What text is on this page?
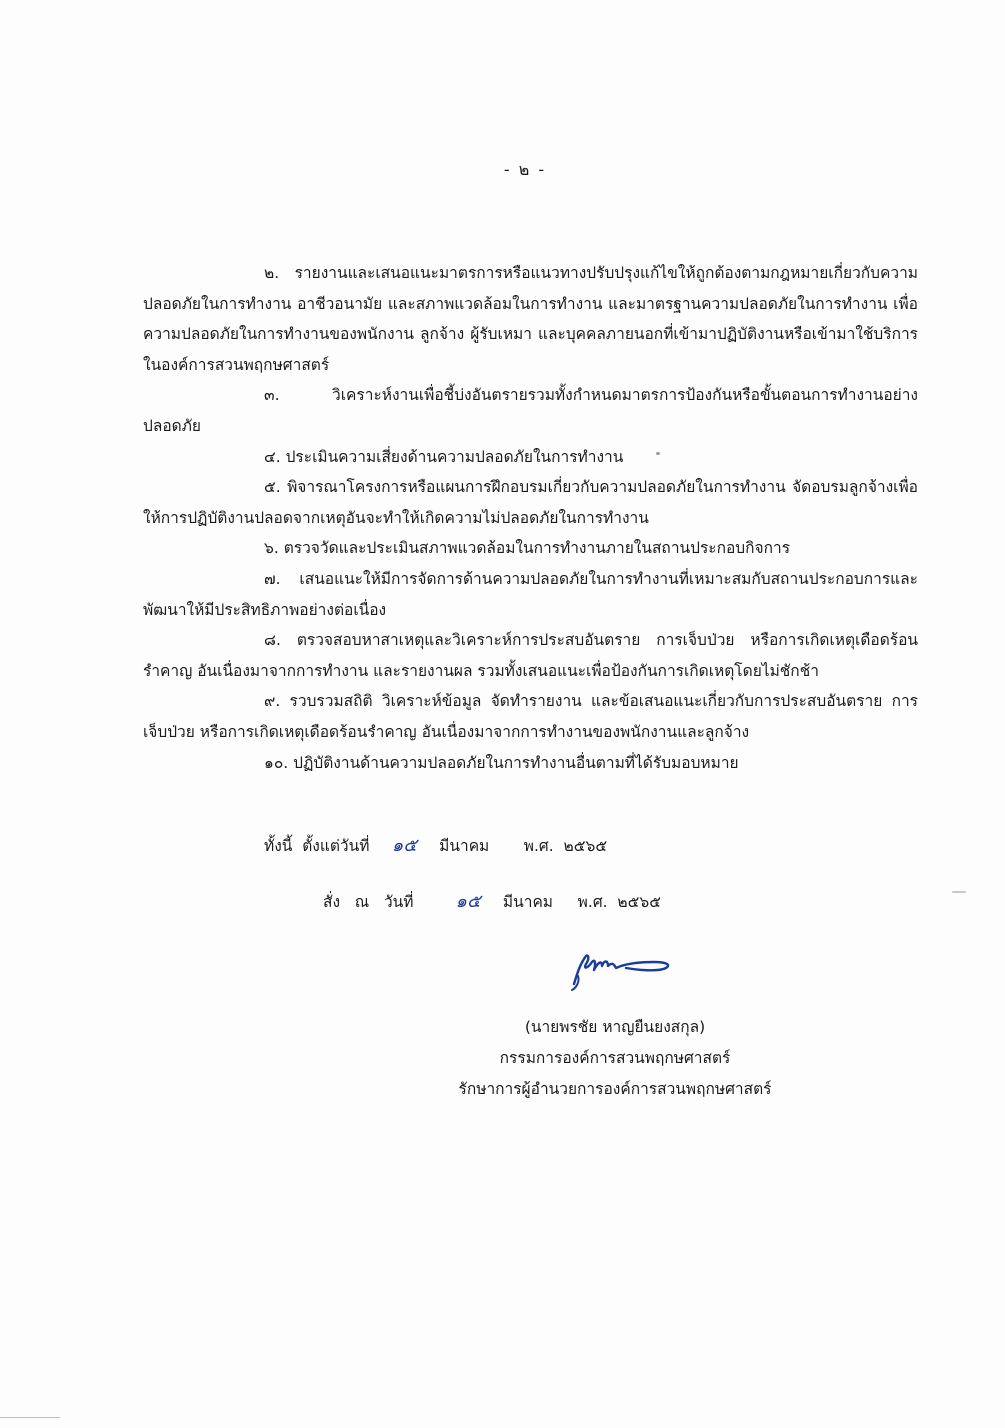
- ๒ -

๒. รายงานและเสนอแนะมาตรการหรือแนวทางปรับปรุงแก้ไขให้ถูกต้องตามกฎหมายเกี่ยวกับความปลอดภัยในการทำงาน อาชีวอนามัย และสภาพแวดล้อมในการทำงาน และมาตรฐานความปลอดภัยในการทำงาน เพื่อความปลอดภัยในการทำงานของพนักงาน ลูกจ้าง ผู้รับเหมา และบุคคลภายนอกที่เข้ามาปฏิบัติงานหรือเข้ามาใช้บริการในองค์การสวนพฤกษศาสตร์

๓. วิเคราะห์งานเพื่อชี้บ่งอันตรายรวมทั้งกำหนดมาตรการป้องกันหรือขั้นตอนการทำงานอย่างปลอดภัย

๔. ประเมินความเสี่ยงด้านความปลอดภัยในการทำงาน

๕. พิจารณาโครงการหรือแผนการฝึกอบรมเกี่ยวกับความปลอดภัยในการทำงาน จัดอบรมลูกจ้างเพื่อให้การปฏิบัติงานปลอดจากเหตุอันจะทำให้เกิดความไม่ปลอดภัยในการทำงาน

๖. ตรวจวัดและประเมินสภาพแวดล้อมในการทำงานภายในสถานประกอบกิจการ

๗. เสนอแนะให้มีการจัดการด้านความปลอดภัยในการทำงานที่เหมาะสมกับสถานประกอบการและพัฒนาให้มีประสิทธิภาพอย่างต่อเนื่อง

๘. ตรวจสอบหาสาเหตุและวิเคราะห์การประสบอันตราย การเจ็บป่วย หรือการเกิดเหตุเดือดร้อนรำคาญ อันเนื่องมาจากการทำงาน และรายงานผล รวมทั้งเสนอแนะเพื่อป้องกันการเกิดเหตุโดยไม่ชักช้า

๙. รวบรวมสถิติ วิเคราะห์ข้อมูล จัดทำรายงาน และข้อเสนอแนะเกี่ยวกับการประสบอันตราย การเจ็บป่วย หรือการเกิดเหตุเดือดร้อนรำคาญ อันเนื่องมาจากการทำงานของพนักงานและลูกจ้าง

๑๐. ปฏิบัติงานด้านความปลอดภัยในการทำงานอื่นตามที่ได้รับมอบหมาย

ทั้งนี้  ตั้งแต่วันที่ ๑๕ มีนาคม พ.ศ.  ๒๕๖๕
สั่ง   ณ   วันที่ ๑๕ มีนาคม พ.ศ.  ๒๕๖๕
(นายพรชัย หาญยืนยงสกุล)
กรรมการองค์การสวนพฤกษศาสตร์
รักษาการผู้อำนวยการองค์การสวนพฤกษศาสตร์
